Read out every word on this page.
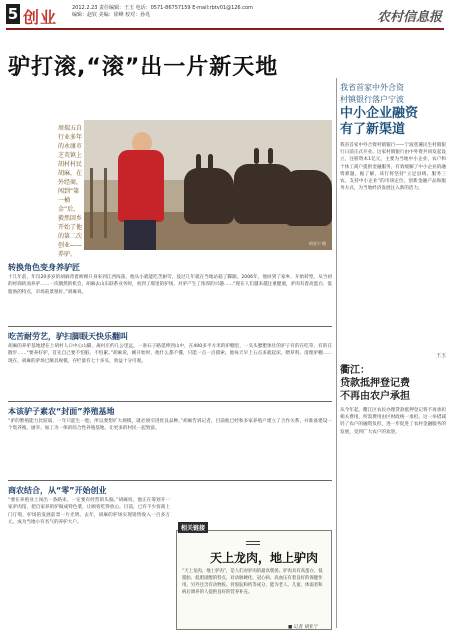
5 创业	2012.2.23 责任编辑：王玉 电话：0571-86757159 E-mail:rbtv01@126.com
编辑：赵钦 美编：徐峰 校对：孙兆	农村信息报
驴打滚,“滚”出一片新天地
周瑞五自行业多年的永康市芝英镇上胡村村民胡麻，在外经商，闯到“第一桶金”后，毅然回乡开始了他的第二次创业——养驴。
胡亚宁 摄
转换角色变身养驴匠
十几年前，年仅20多岁的胡麻背着被褥只身来到江西闯荡。他从小就能吃苦耐劳，没过几年就在当地站稳了脚跟。2006年，他回到了家乡，开始转型，从当初的经商转而养驴……一次偶然的机会，胡麻去山东联系业务时，看到了那里的驴场，对驴产生了浓厚的兴趣……“现在人们越来越注重健康，驴肉有着高蛋白、低脂肪的特点，市场前景很好。”胡麻说。
吃苦耐劳艺，驴扫脚眼天快乐翻叫
胡麻的养驴基地建在上胡村人口中心山脚，离村庄约几公里远，一条石子路延伸到山中，在400多平方米的驴棚里，一头头膘肥体壮的驴子有的在吃草，有的在散步……“要养好驴，首先自己要不怕脏、不怕累。”胡麻说，刚开始时，他什么都不懂，只能一点一点摸索。他每天早上五点多就起床，喂草料、清理驴棚……现在，胡麻的驴场已颇具规模，存栏量有七十多头，效益十分可观。
本该驴子素农“封面”养殖基地
“驴的繁殖能力比较弱，一年只能生一胎，所以要想扩大规模，就必须引进优良品种。”胡麻告诉记者，目前他已经和多家养殖户建立了合作关系，并准备建设一个集养殖、屠宰、加工为一体的综合性养殖基地，让更多的村民一起致富。
商农结合，从“零”开始创业
“要在养殖业上闯出一条路来，一定要有经营的头脑。”胡麻说，他正在筹划开一家驴肉馆，把自家养的驴做成特色菜，让顾客吃得放心。目前，已有不少客商上门订购，驴场的发展前景一片光明。去年，胡麻的驴场实现销售收入一百多万元，成为当地小有名气的养驴大户。
相关链接
天上龙肉，地上驴肉
“天上龙肉，地上驴肉”，是人们对驴肉的最高褒扬。驴肉具有高蛋白、低脂肪、低胆固醇的特点，对动脉硬化、冠心病、高血压有着良好的保健作用。另外还含有动物胶、骨胶朊和钙等成分，能为老人、儿童、体弱者和病后调养的人提供良好的营养补充。
■ 记者 胡亚宁
我省首家中外合资
村镇银行落户宁波
中小企业融资
有了新渠道
我省首家中外合资村镇银行——宁波慈溪民生村镇银行日前正式开业。这家村镇银行由中外资共同发起设立，注册资本1亿元，主要为当地中小企业、农户和个体工商户提供金融服务，有效缓解了中小企业的融资难题。据了解，该行将坚持“立足县域、服务三农、支持中小企业”的市场定位，创新金融产品和服务方式，为当地经济发展注入新的活力。
王玉
衢江：
贷款抵押登记费
不再由农户承担
从今年起，衢江区农民办理贷款抵押登记将不再承担相关费用，所需费用由区财政统一承担。这一举措减轻了农户的融资负担，进一步促进了农村金融服务的发展，受到广大农户的欢迎。
